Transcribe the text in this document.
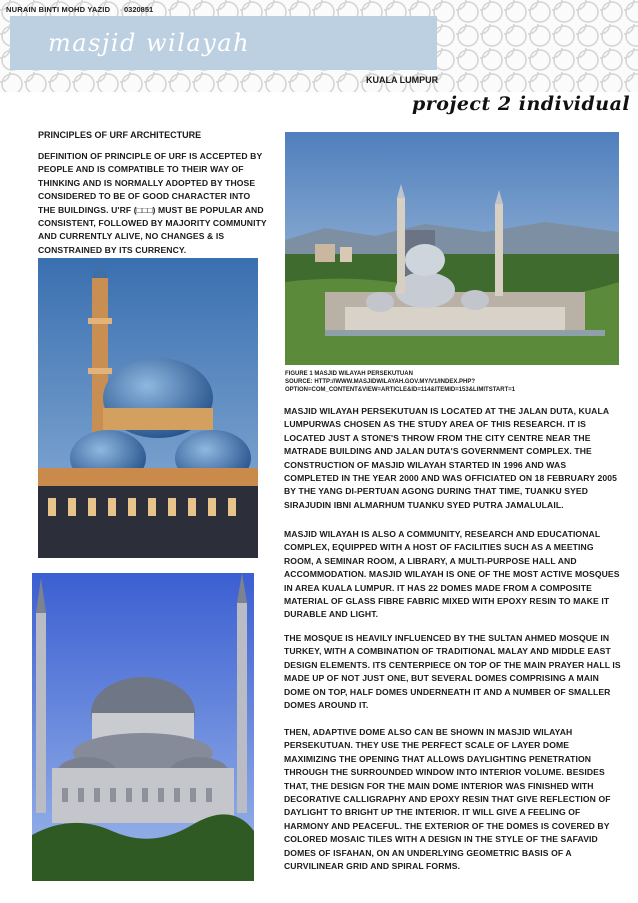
NURAIN BINTI MOHD YAZID 0320851
masjid wilayah
KUALA LUMPUR
project 2 individual
PRINCIPLES OF URF ARCHITECTURE
DEFINITION OF PRINCIPLE OF URF IS ACCEPTED BY PEOPLE AND IS COMPATIBLE TO THEIR WAY OF THINKING AND IS NORMALLY ADOPTED BY THOSE CONSIDERED TO BE OF GOOD CHARACTER INTO THE BUILDINGS. U'RF (□□□) MUST BE POPULAR AND CONSISTENT, FOLLOWED BY MAJORITY COMMUNITY AND CURRENTLY ALIVE, NO CHANGES & IS CONSTRAINED BY ITS CURRENCY.
FIGURE 1 MASJID WILAYAH PERSEKUTUAN
SOURCE: HTTP://WWW.MASJIDWILAYAH.GOV.MY/V1/INDEX.PHP?OPTION=COM_CONTENT&VIEW=ARTICLE&ID=114&ITEMID=153&LIMITSTART=1
MASJID WILAYAH PERSEKUTUAN IS LOCATED AT THE JALAN DUTA, KUALA LUMPURWAS CHOSEN AS THE STUDY AREA OF THIS RESEARCH. IT IS LOCATED JUST A STONE'S THROW FROM THE CITY CENTRE NEAR THE MATRADE BUILDING AND JALAN DUTA'S GOVERNMENT COMPLEX. THE CONSTRUCTION OF MASJID WILAYAH STARTED IN 1996 AND WAS COMPLETED IN THE YEAR 2000 AND WAS OFFICIATED ON 18 FEBRUARY 2005 BY THE YANG DI-PERTUAN AGONG DURING THAT TIME, TUANKU SYED SIRAJUDIN IBNI ALMARHUM TUANKU SYED PUTRA JAMALULAIL.
MASJID WILAYAH IS ALSO A COMMUNITY, RESEARCH AND EDUCATIONAL COMPLEX, EQUIPPED WITH A HOST OF FACILITIES SUCH AS A MEETING ROOM, A SEMINAR ROOM, A LIBRARY, A MULTI-PURPOSE HALL AND ACCOMMODATION. MASJID WILAYAH IS ONE OF THE MOST ACTIVE MOSQUES IN AREA KUALA LUMPUR. IT HAS 22 DOMES MADE FROM A COMPOSITE MATERIAL OF GLASS FIBRE FABRIC MIXED WITH EPOXY RESIN TO MAKE IT DURABLE AND LIGHT.
THE MOSQUE IS HEAVILY INFLUENCED BY THE SULTAN AHMED MOSQUE IN TURKEY, WITH A COMBINATION OF TRADITIONAL MALAY AND MIDDLE EAST DESIGN ELEMENTS. ITS CENTERPIECE ON TOP OF THE MAIN PRAYER HALL IS MADE UP OF NOT JUST ONE, BUT SEVERAL DOMES COMPRISING A MAIN DOME ON TOP, HALF DOMES UNDERNEATH IT AND A NUMBER OF SMALLER DOMES AROUND IT.
THEN, ADAPTIVE DOME ALSO CAN BE SHOWN IN MASJID WILAYAH PERSEKUTUAN. THEY USE THE PERFECT SCALE OF LAYER DOME MAXIMIZING THE OPENING THAT ALLOWS DAYLIGHTING PENETRATION THROUGH THE SURROUNDED WINDOW INTO INTERIOR VOLUME. BESIDES THAT, THE DESIGN FOR THE MAIN DOME INTERIOR WAS FINISHED WITH DECORATIVE CALLIGRAPHY AND EPOXY RESIN THAT GIVE REFLECTION OF DAYLIGHT TO BRIGHT UP THE INTERIOR. IT WILL GIVE A FEELING OF HARMONY AND PEACEFUL. THE EXTERIOR OF THE DOMES IS COVERED BY COLORED MOSAIC TILES WITH A DESIGN IN THE STYLE OF THE SAFAVID DOMES OF ISFAHAN, ON AN UNDERLYING GEOMETRIC BASIS OF A CURVILINEAR GRID AND SPIRAL FORMS.
